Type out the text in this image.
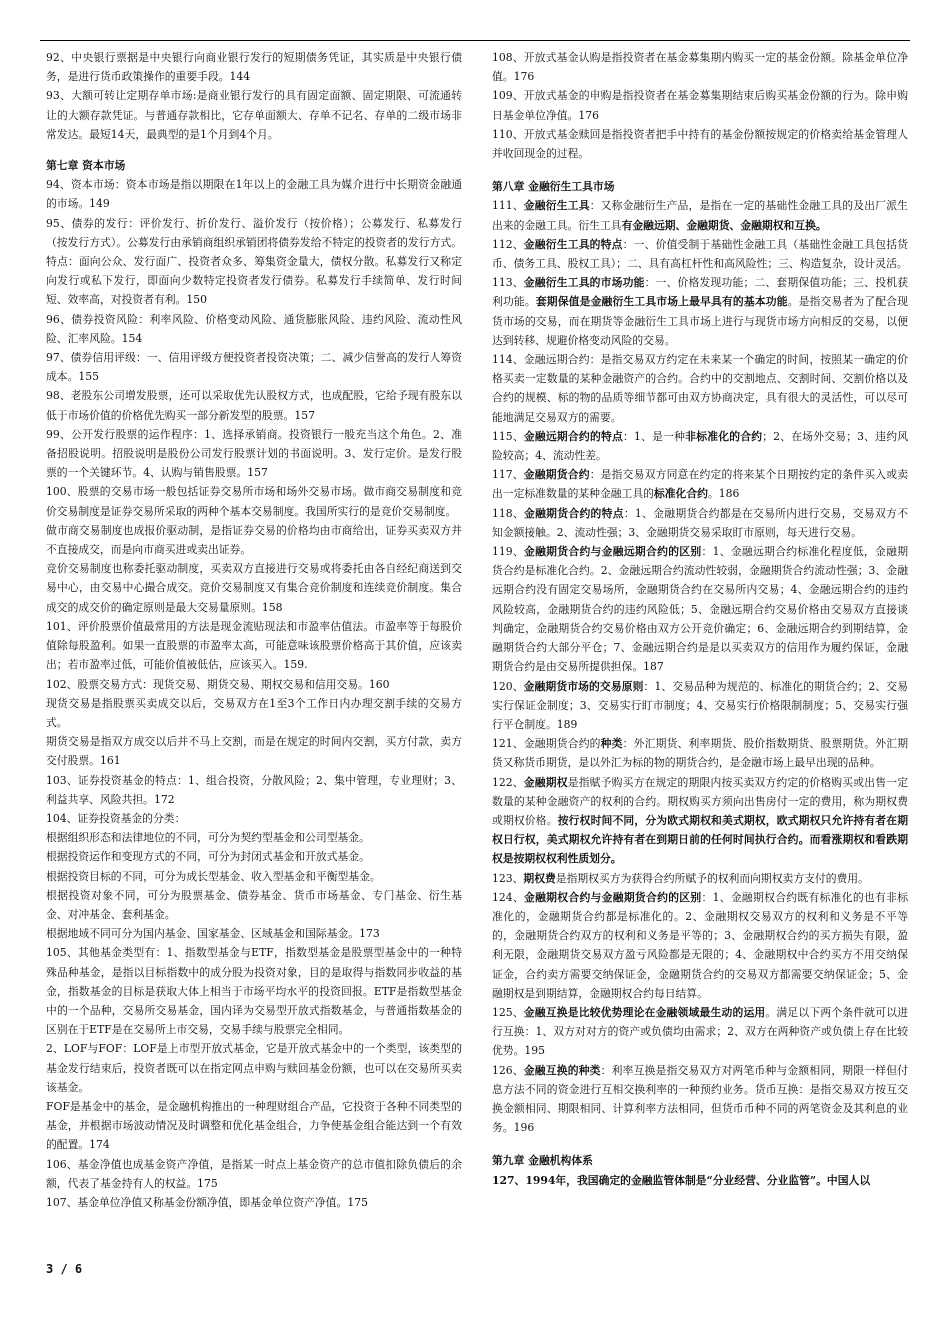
92、中央银行票据是中央银行向商业银行发行的短期债务凭证，其实质是中央银行债务，是进行货币政策操作的重要手段。144

93、大额可转让定期存单市场:是商业银行发行的具有固定面额、固定期限、可流通转让的大额存款凭证。与普通存款相比，它存单面额大、存单不记名、存单的二级市场非常发达。最短14天，最典型的是1个月到4个月。

第七章 资本市场

94、资本市场：资本市场是指以期限在1年以上的金融工具为媒介进行中长期资金融通的市场。149

95、债券的发行：评价发行、折价发行、溢价发行（按价格）；公募发行、私募发行（按发行方式）。公募发行由承销商组织承销团将债券发给不特定的投资者的发行方式。特点：面向公众、发行面广、投资者众多、筹集资金量大，债权分散。私募发行又称定向发行或私下发行，即面向少数特定投资者发行债券。私募发行手续简单、发行时间短、效率高，对投资者有利。150

96、债券投资风险：利率风险、价格变动风险、通货膨胀风险、违约风险、流动性风险、汇率风险。154

97、债券信用评级：一、信用评级方便投资者投资决策；二、减少信誉高的发行人筹资成本。155

98、老股东公司增发股票，还可以采取优先认股权方式，也成配股，它给予现有股东以低于市场价值的价格优先购买一部分新发型的股票。157

99、公开发行股票的运作程序：1、选择承销商。投资银行一般充当这个角色。2、准备招股说明。招股说明是股份公司发行股票计划的书面说明。3、发行定价。是发行股票的一个关键环节。4、认购与销售股票。157

100、股票的交易市场一般包括证券交易所市场和场外交易市场。做市商交易制度和竞价交易制度是证券交易所采取的两种个基本交易制度。我国所实行的是竞价交易制度。

做市商交易制度也成报价驱动制，是指证券交易的价格均由市商给出，证券买卖双方并不直接成交，而是向市商买进或卖出证券。

竞价交易制度也称委托驱动制度，买卖双方直接进行交易或将委托由各自经纪商送到交易中心，由交易中心撮合成交。竞价交易制度又有集合竞价制度和连续竞价制度。集合成交的成交价的确定原则是最大交易量原则。158

101、评价股票价值最常用的方法是现金流贴现法和市盈率估值法。市盈率等于每股价值除每股盈利。如果一直股票的市盈率太高，可能意味该股票价格高于其价值，应该卖出；若市盈率过低，可能价值被低估，应该买入。159.

102、股票交易方式：现货交易、期货交易、期权交易和信用交易。160

现货交易是指股票买卖成交以后，交易双方在1至3个工作日内办理交割手续的交易方式。

期货交易是指双方成交以后并不马上交割，而是在规定的时间内交割，买方付款，卖方交付股票。161

103、证券投资基金的特点：1、组合投资，分散风险；2、集中管理，专业理财；3、利益共享、风险共担。172

104、证券投资基金的分类：

根据组织形态和法律地位的不同，可分为契约型基金和公司型基金。

根据投资运作和变现方式的不同，可分为封闭式基金和开放式基金。

根据投资目标的不同，可分为成长型基金、收入型基金和平衡型基金。

根据投资对象不同，可分为股票基金、债券基金、货币市场基金、专门基金、衍生基金、对冲基金、套利基金。

根据地域不同可分为国内基金、国家基金、区域基金和国际基金。173

105、其他基金类型有：1、指数型基金与ETF，指数型基金是股票型基金中的一种特殊品种基金，是指以目标指数中的成分股为投资对象，目的是取得与指数同步收益的基金，指数基金的目标是获取大体上相当于市场平均水平的投资回报。ETF是指数型基金中的一个品种，交易所交易基金，国内译为交易型开放式指数基金，与普通指数基金的区别在于ETF是在交易所上市交易，交易手续与股票完全相同。

2、LOF与FOF：LOF是上市型开放式基金，它是开放式基金中的一个类型，该类型的基金发行结束后，投资者既可以在指定网点申购与赎回基金份额，也可以在交易所买卖该基金。

FOF是基金中的基金，是金融机构推出的一种理财组合产品，它投资于各种不同类型的基金，并根据市场波动情况及时调整和优化基金组合，力争使基金组合能达到一个有效的配置。174

106、基金净值也成基金资产净值，是指某一时点上基金资产的总市值扣除负债后的余额，代表了基金持有人的权益。175

107、基金单位净值又称基金份额净值，即基金单位资产净值。175

108、开放式基金认购是指投资者在基金募集期内购买一定的基金份额。除基金单位净值。176

109、开放式基金的申购是指投资者在基金募集期结束后购买基金份额的行为。除申购日基金单位净值。176

110、开放式基金赎回是指投资者把手中持有的基金份额按规定的价格卖给基金管理人并收回现金的过程。

第八章 金融衍生工具市场

111、金融衍生工具：又称金融衍生产品，是指在一定的基础性金融工具的及出厂派生出来的金融工具。衍生工具有金融远期、金融期货、金融期权和互换。

112、金融衍生工具的特点：一、价值受制于基础性金融工具（基础性金融工具包括货币、债务工具、股权工具）；二、具有高杠杆性和高风险性；三、构造复杂，设计灵活。

113、金融衍生工具的市场功能：一、价格发现功能；二、套期保值功能；三、投机获利功能。套期保值是金融衍生工具市场上最早具有的基本功能。是指交易者为了配合现货市场的交易，而在期货等金融衍生工具市场上进行与现货市场方向相反的交易，以便达到转移、规避价格变动风险的交易。

114、金融远期合约：是指交易双方约定在未来某一个确定的时间，按照某一确定的价格买卖一定数量的某种金融资产的合约。合约中的交割地点、交割时间、交割价格以及合约的规模、标的物的品质等细节都可由双方协商决定，具有很大的灵活性，可以尽可能地满足交易双方的需要。

115、金融远期合约的特点：1、是一种非标准化的合约；2、在场外交易；3、违约风险较高；4、流动性差。

117、金融期货合约：是指交易双方同意在约定的将来某个日期按约定的条件买入或卖出一定标准数量的某种金融工具的标准化合约。186

118、金融期货合约的特点：1、金融期货合约都是在交易所内进行交易，交易双方不知金额接触。2、流动性强；3、金融期货交易采取盯市原则，每天进行交易。

119、金融期货合约与金融远期合约的区别：1、金融远期合约标准化程度低，金融期货合约是标准化合约。2、金融远期合约流动性较弱，金融期货合约流动性强；3、金融远期合约没有固定交易场所，金融期货合约在交易所内交易；4、金融远期合约的违约风险较高，金融期货合约的违约风险低；5、金融远期合约交易价格由交易双方直接谈判确定，金融期货合约交易价格由双方公开竞价确定；6、金融远期合约到期结算，金融期货合约大部分平仓；7、金融远期合约是是以买卖双方的信用作为履约保证，金融期货合约是由交易所提供担保。187

120、金融期货市场的交易原则：1、交易品种为规范的、标准化的期货合约；2、交易实行保证金制度；3、交易实行盯市制度；4、交易实行价格限制制度；5、交易实行强行平仓制度。189

121、金融期货合约的种类：外汇期货、利率期货、股价指数期货、股票期货。外汇期货又称货币期货，是以外汇为标的物的期货合约，是金融市场上最早出现的品种。

122、金融期权是指赋予购买方在规定的期限内按买卖双方约定的价格购买或出售一定数量的某种金融资产的权利的合约。期权购买方须向出售房付一定的费用，称为期权费或期权价格。按行权时间不同，分为欧式期权和美式期权，欧式期权只允许持有者在期权日行权，美式期权允许持有者在到期日前的任何时间执行合约。而看涨期权和看跌期权是按期权权利性质划分。

123、期权费是指期权买方为获得合约所赋予的权利而向期权卖方支付的费用。

124、金融期权合约与金融期货合约的区别：1、金融期权合约既有标准化的也有非标准化的，金融期货合约都是标准化的。2、金融期权交易双方的权利和义务是不平等的，金融期货合约双方的权利和义务是平等的；3、金融期权合约的买方损失有限，盈利无限，金融期货交易双方盈亏风险都是无限的；4、金融期权中合约买方不用交纳保证金，合约卖方需要交纳保证金，金融期货合约的交易双方都需要交纳保证金；5、金融期权是到期结算，金融期权合约每日结算。

125、金融互换是比较优势理论在金融领域最生动的运用。满足以下两个条件就可以进行互换：1、双方对对方的资产或负债均由需求；2、双方在两种资产或负债上存在比较优势。195

126、金融互换的种类：利率互换是指交易双方对两笔币种与金额相同，期限一样但付息方法不同的资金进行互相交换利率的一种预约业务。货币互换：是指交易双方按互交换金额相同、期限相同、计算利率方法相同，但货币币种不同的两笔资金及其利息的业务。196

第九章 金融机构体系

127、1994年，我国确定的金融监管体制是“分业经营、分业监管”。中国人以

3 / 6
